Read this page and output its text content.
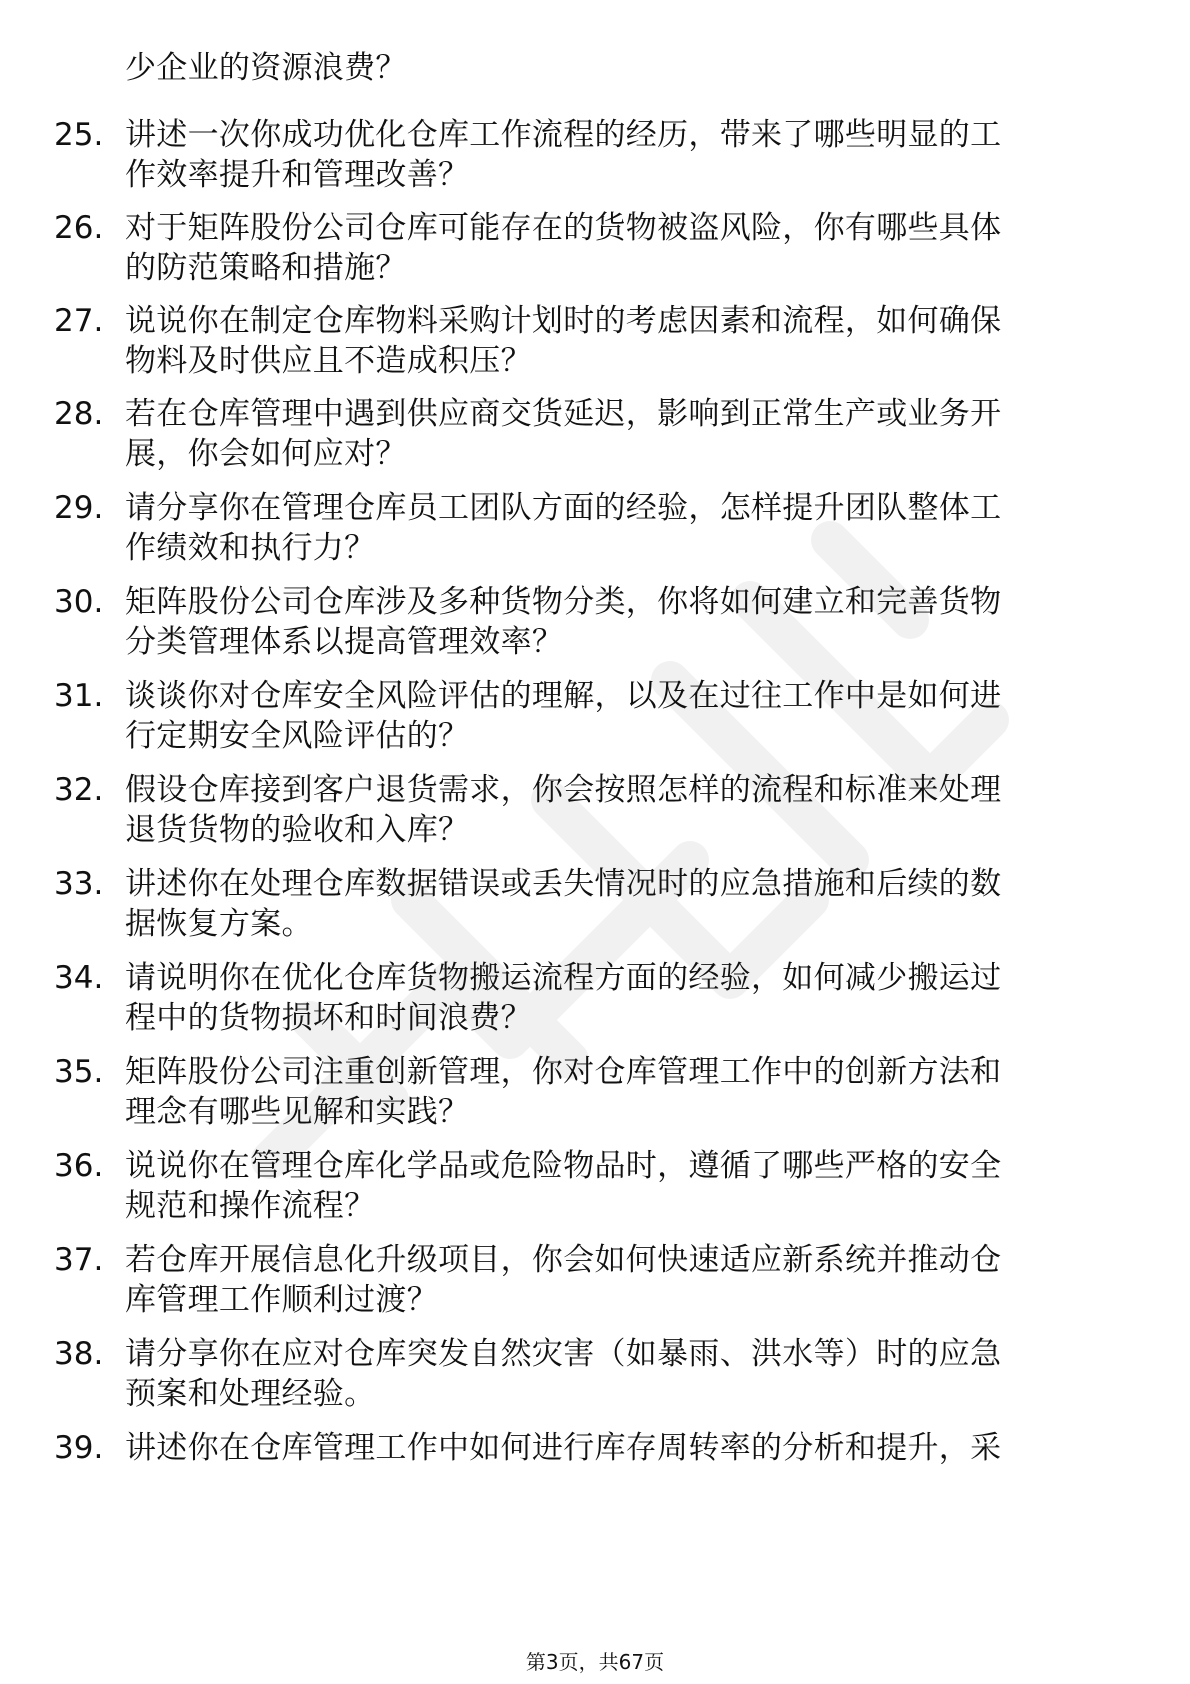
少企业的资源浪费？
25. 讲述一次你成功优化仓库工作流程的经历，带来了哪些明显的工
作效率提升和管理改善？
26. 对于矩阵股份公司仓库可能存在的货物被盗风险，你有哪些具体
的防范策略和措施？
27. 说说你在制定仓库物料采购计划时的考虑因素和流程，如何确保
物料及时供应且不造成积压？
28. 若在仓库管理中遇到供应商交货延迟，影响到正常生产或业务开
展，你会如何应对？
29. 请分享你在管理仓库员工团队方面的经验，怎样提升团队整体工
作绩效和执行力？
30. 矩阵股份公司仓库涉及多种货物分类，你将如何建立和完善货物
分类管理体系以提高管理效率？
31. 谈谈你对仓库安全风险评估的理解，以及在过往工作中是如何进
行定期安全风险评估的？
32. 假设仓库接到客户退货需求，你会按照怎样的流程和标准来处理
退货货物的验收和入库？
33. 讲述你在处理仓库数据错误或丢失情况时的应急措施和后续的数
据恢复方案。
34. 请说明你在优化仓库货物搬运流程方面的经验，如何减少搬运过
程中的货物损坏和时间浪费？
35. 矩阵股份公司注重创新管理，你对仓库管理工作中的创新方法和
理念有哪些见解和实践？
36. 说说你在管理仓库化学品或危险物品时，遵循了哪些严格的安全
规范和操作流程？
37. 若仓库开展信息化升级项目，你会如何快速适应新系统并推动仓
库管理工作顺利过渡？
38. 请分享你在应对仓库突发自然灾害（如暴雨、洪水等）时的应急
预案和处理经验。
39. 讲述你在仓库管理工作中如何进行库存周转率的分析和提升，采
第3页，共67页
